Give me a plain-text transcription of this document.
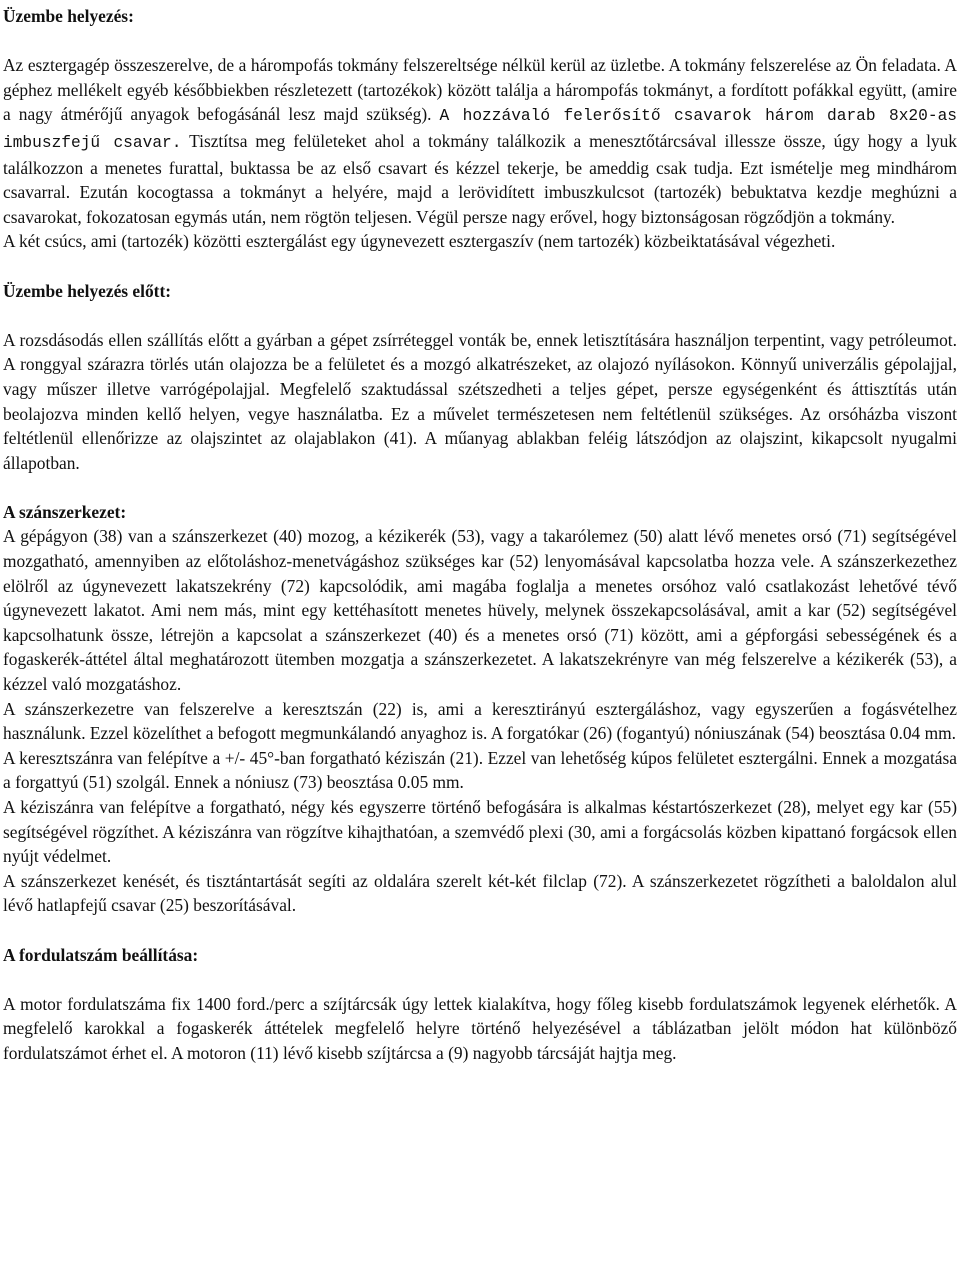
Üzembe helyezés:

Az esztergagép összeszerelve, de a hárompofás tokmány felszereltsége nélkül kerül az üzletbe. A tokmány felszerelése az Ön feladata. A géphez mellékelt egyéb későbbiekben részletezett (tartozékok) között találja a hárompofás tokmányt, a fordított pofákkal együtt, (amire a nagy átmérőjű anyagok befogásánál lesz majd szükség). A hozzávaló felerősítő csavarok három darab 8x20-as imbuszfejű csavar. Tisztítsa meg felületeket ahol a tokmány találkozik a menesztőtárcsával illessze össze, úgy hogy a lyuk találkozzon a menetes furattal, buktassa be az első csavart és kézzel tekerje, be ameddig csak tudja. Ezt ismételje meg mindhárom csavarral. Ezután kocogtassa a tokmányt a helyére, majd a lerövidített imbuszkulcsot (tartozék) bebuktatva kezdje meghúzni a csavarokat, fokozatosan egymás után, nem rögtön teljesen. Végül persze nagy erővel, hogy biztonságosan rögződjön a tokmány.

A két csúcs, ami (tartozék) közötti esztergálást egy úgynevezett esztergaszív (nem tartozék) közbeiktatásával végezheti.

Üzembe helyezés előtt:

A rozsdásodás ellen szállítás előtt a gyárban a gépet zsírréteggel vonták be, ennek letisztítására használjon terpentint, vagy petróleumot. A ronggyal szárazra törlés után olajozza be a felületet és a mozgó alkatrészeket, az olajozó nyílásokon. Könnyű univerzális gépolajjal, vagy műszer illetve varrógépolajjal. Megfelelő szaktudással szétszedheti a teljes gépet, persze egységenként és áttisztítás után beolajozva minden kellő helyen, vegye használatba. Ez a művelet természetesen nem feltétlenül szükséges. Az orsóházba viszont feltétlenül ellenőrizze az olajszintet az olajablakon (41). A műanyag ablakban feléig látszódjon az olajszint, kikapcsolt nyugalmi állapotban.

A szánszerkezet:

A gépágyon (38) van a szánszerkezet (40) mozog, a kézikerék (53), vagy a takarólemez (50) alatt lévő menetes orsó (71) segítségével mozgatható, amennyiben az előtoláshoz-menetvágáshoz szükséges kar (52) lenyomásával kapcsolatba hozza vele. A szánszerkezethez elölről az úgynevezett lakatszekrény (72) kapcsolódik, ami magába foglalja a menetes orsóhoz való csatlakozást lehetővé tévő úgynevezett lakatot. Ami nem más, mint egy kettéhasított menetes hüvely, melynek összekapcsolásával, amit a kar (52) segítségével kapcsolhatunk össze, létrejön a kapcsolat a szánszerkezet (40) és a menetes orsó (71) között, ami a gépforgási sebességének és a fogaskerék-áttétel által meghatározott ütemben mozgatja a szánszerkezetet. A lakatszekrényre van még felszerelve a kézikerék (53), a kézzel való mozgatáshoz.

A szánszerkezetre van felszerelve a keresztszán (22) is, ami a keresztirányú esztergáláshoz, vagy egyszerűen a fogásvételhez használunk. Ezzel közelíthet a befogott megmunkálandó anyaghoz is. A forgatókar (26) (fogantyú) nóniuszának (54) beosztása 0.04 mm.

A keresztszánra van felépítve a +/- 45°-ban forgatható kéziszán (21). Ezzel van lehetőség kúpos felületet esztergálni. Ennek a mozgatása a forgattyú (51) szolgál. Ennek a nóniusz (73) beosztása 0.05 mm.

A kéziszánra van felépítve a forgatható, négy kés egyszerre történő befogására is alkalmas késtartószerkezet (28), melyet egy kar (55) segítségével rögzíthet. A kéziszánra van rögzítve kihajthatóan, a szemvédő plexi (30, ami a forgácsolás közben kipattanó forgácsok ellen nyújt védelmet.

A szánszerkezet kenését, és tisztántartását segíti az oldalára szerelt két-két filclap (72). A szánszerkezetet rögzítheti a baloldalon alul lévő hatlapfejű csavar (25) beszorításával.

A fordulatszám beállítása:

A motor fordulatszáma fix 1400 ford./perc a szíjtárcsák úgy lettek kialakítva, hogy főleg kisebb fordulatszámok legyenek elérhetők. A megfelelő karokkal a fogaskerék áttételek megfelelő helyre történő helyezésével a táblázatban jelölt módon hat különböző fordulatszámot érhet el. A motoron (11) lévő kisebb szíjtárcsa a (9) nagyobb tárcsáját hajtja meg.
